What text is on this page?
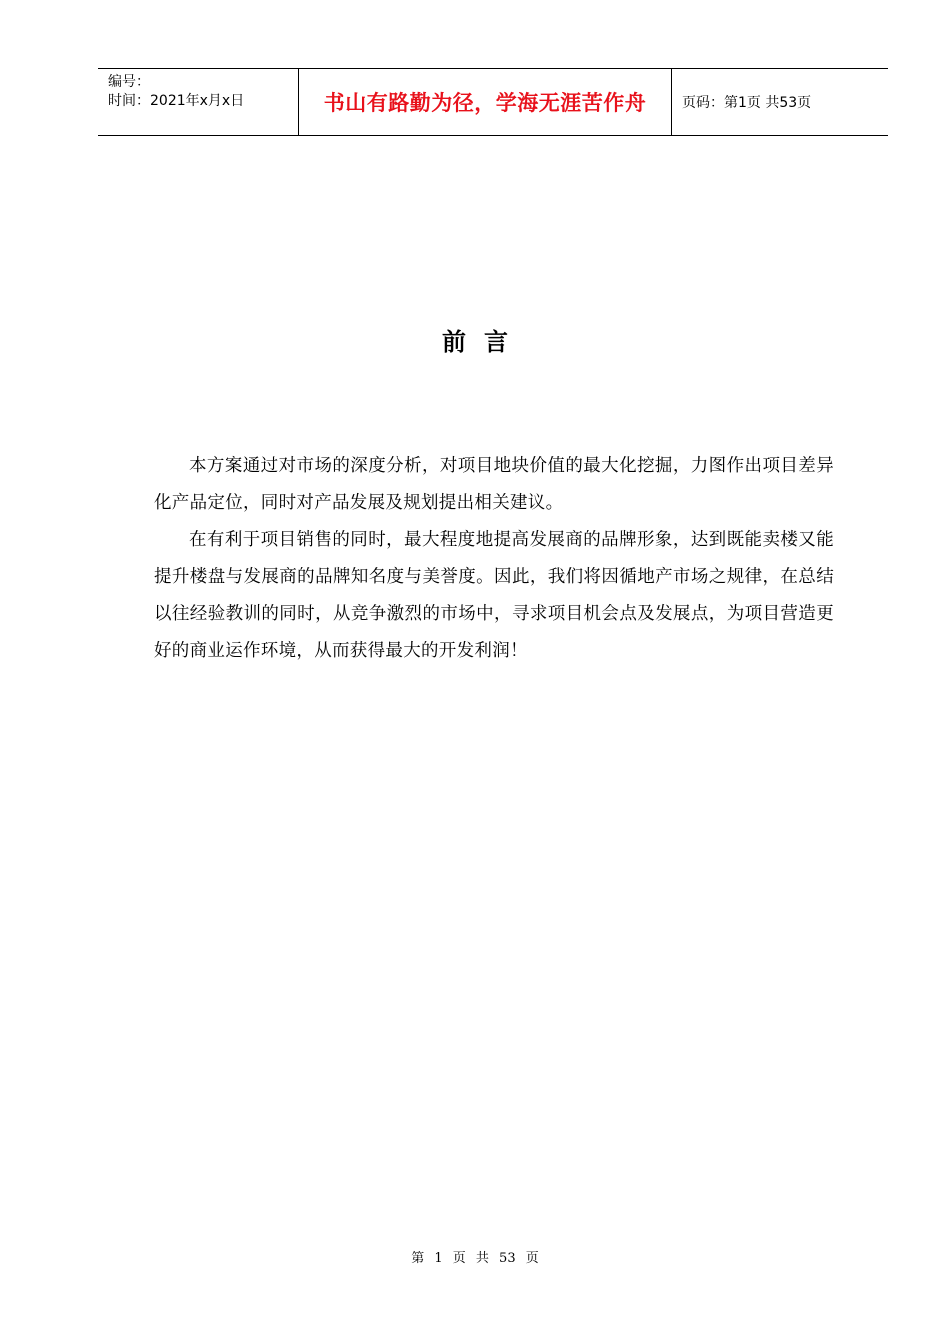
编号：
时间：2021年x月x日	书山有路勤为径，学海无涯苦作舟	页码：第1页 共53页
前言

本方案通过对市场的深度分析，对项目地块价值的最大化挖掘，力图作出项目差异化产品定位，同时对产品发展及规划提出相关建议。

在有利于项目销售的同时，最大程度地提高发展商的品牌形象，达到既能卖楼又能提升楼盘与发展商的品牌知名度与美誉度。因此，我们将因循地产市场之规律，在总结以往经验教训的同时，从竞争激烈的市场中，寻求项目机会点及发展点，为项目营造更好的商业运作环境，从而获得最大的开发利润！

第 1 页 共 53 页
